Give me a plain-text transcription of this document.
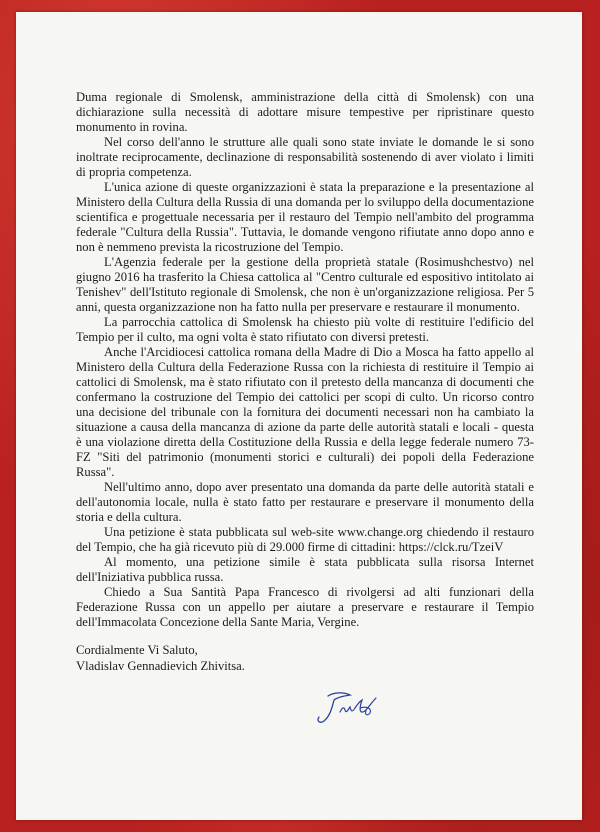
Duma regionale di Smolensk, amministrazione della città di Smolensk) con una dichiarazione sulla necessità di adottare misure tempestive per ripristinare questo monumento in rovina.

Nel corso dell'anno le strutture alle quali sono state inviate le domande le si sono inoltrate reciprocamente, declinazione di responsabilità sostenendo di aver violato i limiti di propria competenza.

L'unica azione di queste organizzazioni è stata la preparazione e la presentazione al Ministero della Cultura della Russia di una domanda per lo sviluppo della documentazione scientifica e progettuale necessaria per il restauro del Tempio nell'ambito del programma federale "Cultura della Russia". Tuttavia, le domande vengono rifiutate anno dopo anno e non è nemmeno prevista la ricostruzione del Tempio.

L'Agenzia federale per la gestione della proprietà statale (Rosimushchestvo) nel giugno 2016 ha trasferito la Chiesa cattolica al "Centro culturale ed espositivo intitolato ai Tenishev" dell'Istituto regionale di Smolensk, che non è un'organizzazione religiosa. Per 5 anni, questa organizzazione non ha fatto nulla per preservare e restaurare il monumento.

La parrocchia cattolica di Smolensk ha chiesto più volte di restituire l'edificio del Tempio per il culto, ma ogni volta è stato rifiutato con diversi pretesti.

Anche l'Arcidiocesi cattolica romana della Madre di Dio a Mosca ha fatto appello al Ministero della Cultura della Federazione Russa con la richiesta di restituire il Tempio ai cattolici di Smolensk, ma è stato rifiutato con il pretesto della mancanza di documenti che confermano la costruzione del Tempio dei cattolici per scopi di culto. Un ricorso contro una decisione del tribunale con la fornitura dei documenti necessari non ha cambiato la situazione a causa della mancanza di azione da parte delle autorità statali e locali - questa è una violazione diretta della Costituzione della Russia e della legge federale numero 73-FZ "Siti del patrimonio (monumenti storici e culturali) dei popoli della Federazione Russa".

Nell'ultimo anno, dopo aver presentato una domanda da parte delle autorità statali e dell'autonomia locale, nulla è stato fatto per restaurare e preservare il monumento della storia e della cultura.

Una petizione è stata pubblicata sul web-site www.change.org chiedendo il restauro del Tempio, che ha già ricevuto più di 29.000 firme di cittadini: https://clck.ru/TzeiV

Al momento, una petizione simile è stata pubblicata sulla risorsa Internet dell'Iniziativa pubblica russa.

Chiedo a Sua Santità Papa Francesco di rivolgersi ad alti funzionari della Federazione Russa con un appello per aiutare a preservare e restaurare il Tempio dell'Immacolata Concezione della Sante Maria, Vergine.

Cordialmente Vi Saluto,
Vladislav Gennadievich Zhivitsa.
